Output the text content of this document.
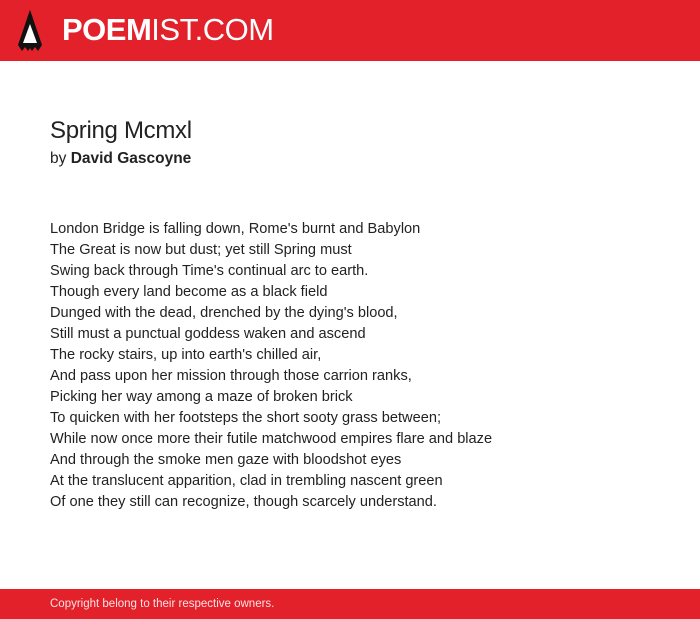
POEMIST.COM
Spring Mcmxl
by David Gascoyne
London Bridge is falling down, Rome's burnt and Babylon
The Great is now but dust; yet still Spring must
Swing back through Time's continual arc to earth.
Though every land become as a black field
Dunged with the dead, drenched by the dying's blood,
Still must a punctual goddess waken and ascend
The rocky stairs, up into earth's chilled air,
And pass upon her mission through those carrion ranks,
Picking her way among a maze of broken brick
To quicken with her footsteps the short sooty grass between;
While now once more their futile matchwood empires flare and blaze
And through the smoke men gaze with bloodshot eyes
At the translucent apparition, clad in trembling nascent green
Of one they still can recognize, though scarcely understand.
Copyright belong to their respective owners.
